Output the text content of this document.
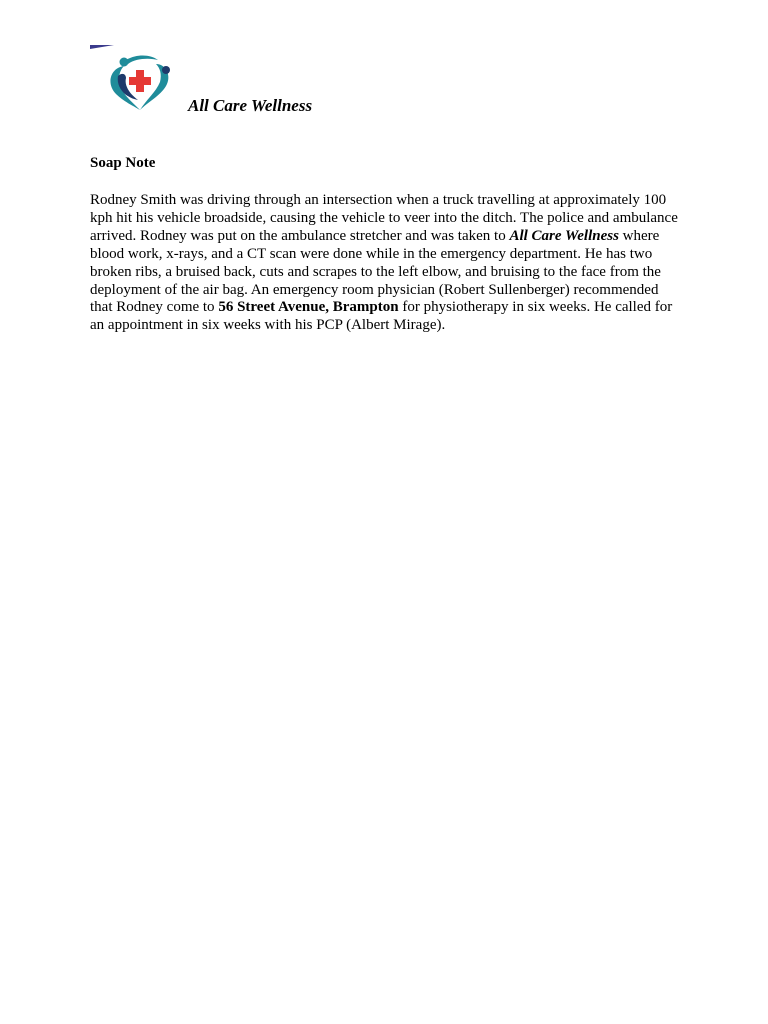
All Care Wellness
Soap Note

Rodney Smith was driving through an intersection when a truck travelling at approximately 100 kph hit his vehicle broadside, causing the vehicle to veer into the ditch. The police and ambulance arrived. Rodney was put on the ambulance stretcher and was taken to All Care Wellness where blood work, x-rays, and a CT scan were done while in the emergency department. He has two broken ribs, a bruised back, cuts and scrapes to the left elbow, and bruising to the face from the deployment of the air bag. An emergency room physician (Robert Sullenberger) recommended that Rodney come to 56 Street Avenue, Brampton for physiotherapy in six weeks. He called for an appointment in six weeks with his PCP (Albert Mirage).
